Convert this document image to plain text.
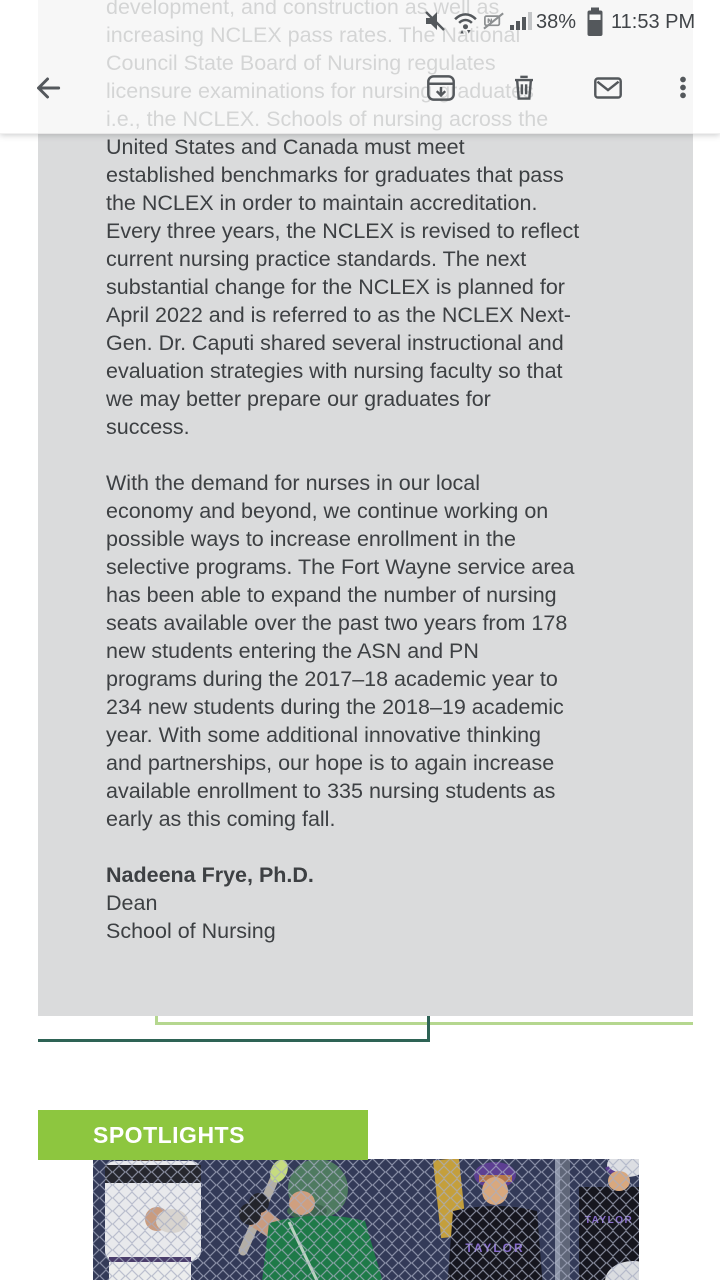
United States and Canada must meet
established benchmarks for graduates that pass
the NCLEX in order to maintain accreditation.
Every three years, the NCLEX is revised to reflect
current nursing practice standards. The next
substantial change for the NCLEX is planned for
April 2022 and is referred to as the NCLEX Next-
Gen. Dr. Caputi shared several instructional and
evaluation strategies with nursing faculty so that
we may better prepare our graduates for
success.
With the demand for nurses in our local
economy and beyond, we continue working on
possible ways to increase enrollment in the
selective programs. The Fort Wayne service area
has been able to expand the number of nursing
seats available over the past two years from 178
new students entering the ASN and PN
programs during the 2017–18 academic year to
234 new students during the 2018–19 academic
year. With some additional innovative thinking
and partnerships, our hope is to again increase
available enrollment to 335 nursing students as
early as this coming fall.
Nadeena Frye, Ph.D.
Dean
School of Nursing
SPOTLIGHTS
38% 11:53 PM
